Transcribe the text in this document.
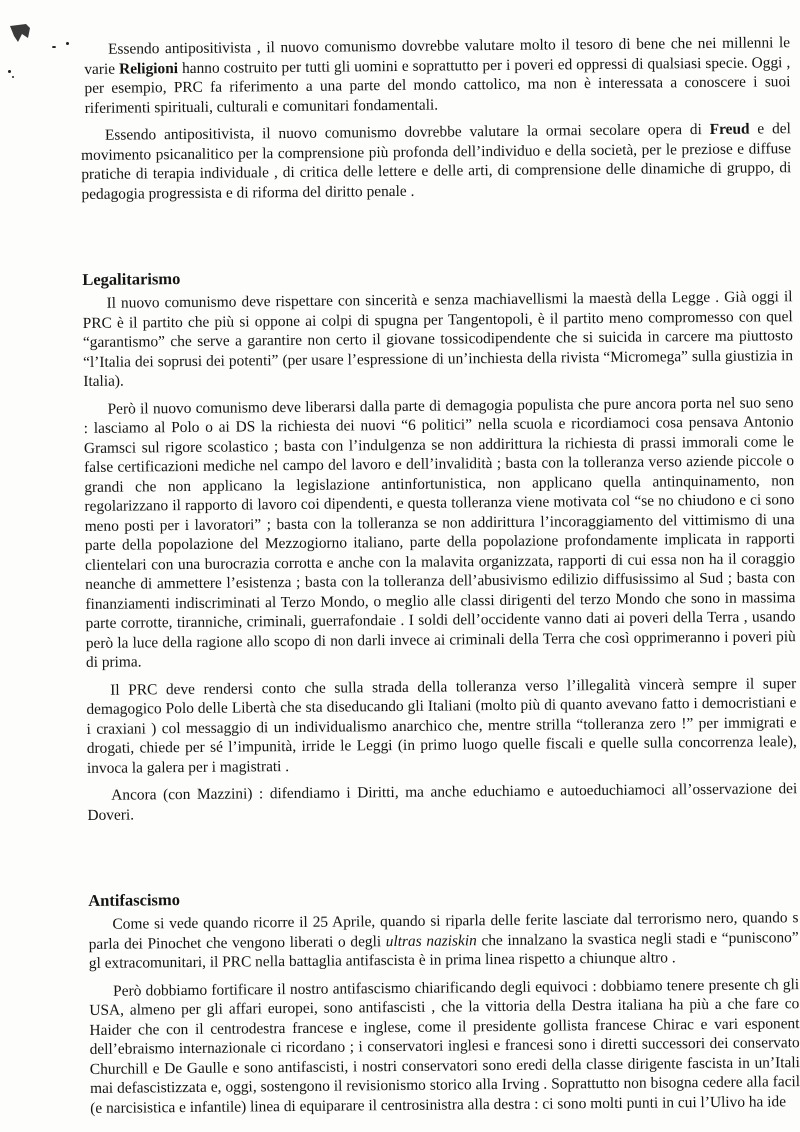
Essendo antipositivista , il nuovo comunismo dovrebbe valutare molto il tesoro di bene che nei millenni le varie Religioni hanno costruito per tutti gli uomini e soprattutto per i poveri ed oppressi di qualsiasi specie. Oggi , per esempio, PRC fa riferimento a una parte del mondo cattolico, ma non è interessata a conoscere i suoi riferimenti spirituali, culturali e comunitari fondamentali.

Essendo antipositivista, il nuovo comunismo dovrebbe valutare la ormai secolare opera di Freud e del movimento psicanalitico per la comprensione più profonda dell’individuo e della società, per le preziose e diffuse pratiche di terapia individuale , di critica delle lettere e delle arti, di comprensione delle dinamiche di gruppo, di pedagogia progressista e di riforma del diritto penale .

Legalitarismo

Il nuovo comunismo deve rispettare con sincerità e senza machiavellismi la maestà della Legge . Già oggi il PRC è il partito che più si oppone ai colpi di spugna per Tangentopoli, è il partito meno compromesso con quel “garantismo” che serve a garantire non certo il giovane tossicodipendente che si suicida in carcere ma piuttosto “l’Italia dei soprusi dei potenti” (per usare l’espressione di un’inchiesta della rivista “Micromega” sulla giustizia in Italia).

Però il nuovo comunismo deve liberarsi dalla parte di demagogia populista che pure ancora porta nel suo seno : lasciamo al Polo o ai DS la richiesta dei nuovi “6 politici” nella scuola e ricordiamoci cosa pensava Antonio Gramsci sul rigore scolastico ; basta con l’indulgenza se non addirittura la richiesta di prassi immorali come le false certificazioni mediche nel campo del lavoro e dell’invalidità ; basta con la tolleranza verso aziende piccole o grandi che non applicano la legislazione antinfortunistica, non applicano quella antinquinamento, non regolarizzano il rapporto di lavoro coi dipendenti, e questa tolleranza viene motivata col “se no chiudono e ci sono meno posti per i lavoratori” ; basta con la tolleranza se non addirittura l’incoraggiamento del vittimismo di una parte della popolazione del Mezzogiorno italiano, parte della popolazione profondamente implicata in rapporti clientelari con una burocrazia corrotta e anche con la malavita organizzata, rapporti di cui essa non ha il coraggio neanche di ammettere l’esistenza ; basta con la tolleranza dell’abusivismo edilizio diffusissimo al Sud ; basta con finanziamenti indiscriminati al Terzo Mondo, o meglio alle classi dirigenti del terzo Mondo che sono in massima parte corrotte, tiranniche, criminali, guerrafondaie . I soldi dell’occidente vanno dati ai poveri della Terra , usando però la luce della ragione allo scopo di non darli invece ai criminali della Terra che così opprimeranno i poveri più di prima.

Il PRC deve rendersi conto che sulla strada della tolleranza verso l’illegalità vincerà sempre il super demagogico Polo delle Libertà che sta diseducando gli Italiani (molto più di quanto avevano fatto i democristiani e i craxiani ) col messaggio di un individualismo anarchico che, mentre strilla “tolleranza zero !” per immigrati e drogati, chiede per sé l’impunità, irride le Leggi (in primo luogo quelle fiscali e quelle sulla concorrenza leale), invoca la galera per i magistrati .

Ancora (con Mazzini) : difendiamo i Diritti, ma anche educhiamo e autoeduchiamoci all’osservazione dei Doveri.

Antifascismo

Come si vede quando ricorre il 25 Aprile, quando si riparla delle ferite lasciate dal terrorismo nero, quando s parla dei Pinochet che vengono liberati o degli ultras naziskin che innalzano la svastica negli stadi e “puniscono” gl extracomunitari, il PRC nella battaglia antifascista è in prima linea rispetto a chiunque altro .

Però dobbiamo fortificare il nostro antifascismo chiarificando degli equivoci : dobbiamo tenere presente ch gli USA, almeno per gli affari europei, sono antifascisti , che la vittoria della Destra italiana ha più a che fare co Haider che con il centrodestra francese e inglese, come il presidente gollista francese Chirac e vari esponent dell’ebraismo internazionale ci ricordano ; i conservatori inglesi e francesi sono i diretti successori dei conservato Churchill e De Gaulle e sono antifascisti, i nostri conservatori sono eredi della classe dirigente fascista in un’Itali mai defascistizzata e, oggi, sostengono il revisionismo storico alla Irving . Soprattutto non bisogna cedere alla facil (e narcisistica e infantile) linea di equiparare il centrosinistra alla destra : ci sono molti punti in cui l’Ulivo ha ide
